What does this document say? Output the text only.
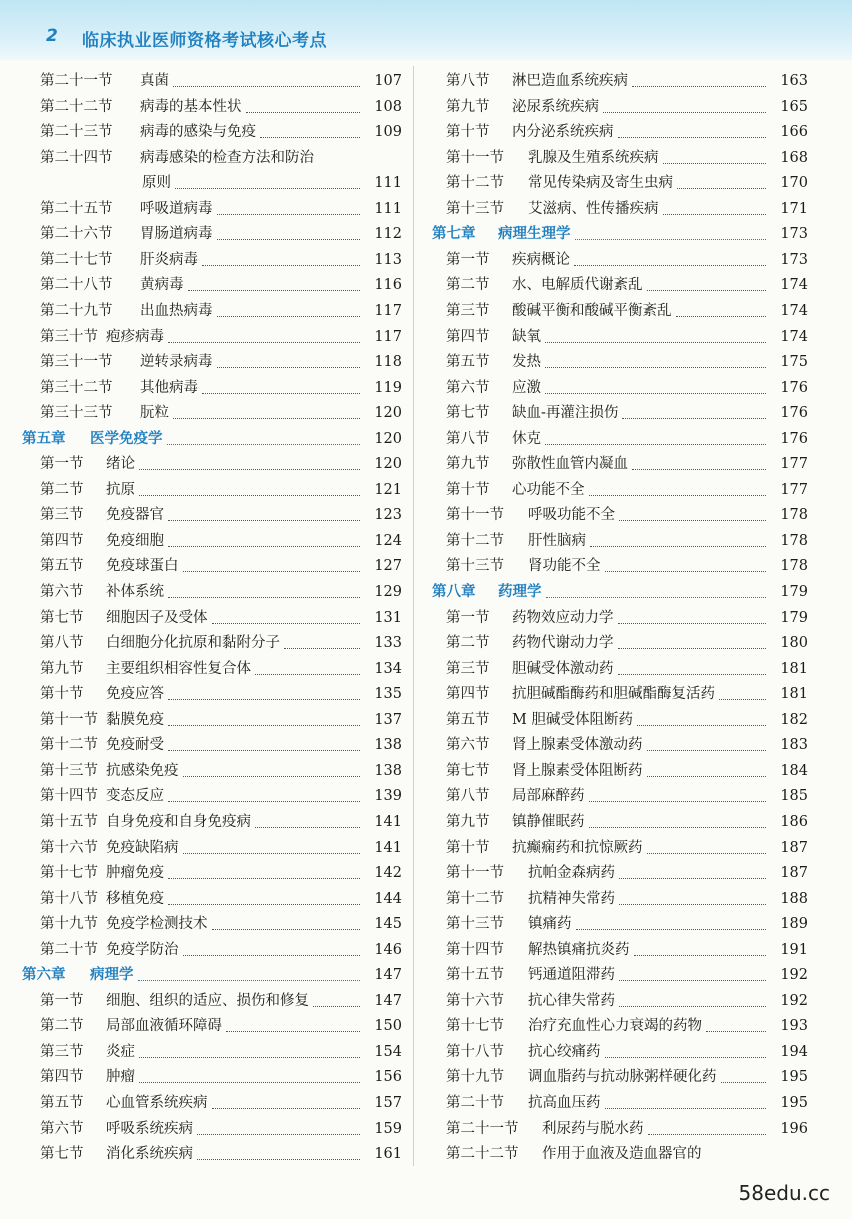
2 临床执业医师资格考试核心考点
第二十一节 真菌	107
第二十二节 病毒的基本性状	108
第二十三节 病毒的感染与免疫	109
第二十四节 病毒感染的检查方法和防治
原则	111
第二十五节 呼吸道病毒	111
第二十六节 胃肠道病毒	112
第二十七节 肝炎病毒	113
第二十八节 黄病毒	116
第二十九节 出血热病毒	117
第三十节 疱疹病毒	117
第三十一节 逆转录病毒	118
第三十二节 其他病毒	119
第三十三节 朊粒	120
第五章 医学免疫学	120
第一节 绪论	120
第二节 抗原	121
第三节 免疫器官	123
第四节 免疫细胞	124
第五节 免疫球蛋白	127
第六节 补体系统	129
第七节 细胞因子及受体	131
第八节 白细胞分化抗原和黏附分子	133
第九节 主要组织相容性复合体	134
第十节 免疫应答	135
第十一节 黏膜免疫	137
第十二节 免疫耐受	138
第十三节 抗感染免疫	138
第十四节 变态反应	139
第十五节 自身免疫和自身免疫病	141
第十六节 免疫缺陷病	141
第十七节 肿瘤免疫	142
第十八节 移植免疫	144
第十九节 免疫学检测技术	145
第二十节 免疫学防治	146
第六章 病理学	147
第一节 细胞、组织的适应、损伤和修复	147
第二节 局部血液循环障碍	150
第三节 炎症	154
第四节 肿瘤	156
第五节 心血管系统疾病	157
第六节 呼吸系统疾病	159
第七节 消化系统疾病	161
第八节 淋巴造血系统疾病	163
第九节 泌尿系统疾病	165
第十节 内分泌系统疾病	166
第十一节 乳腺及生殖系统疾病	168
第十二节 常见传染病及寄生虫病	170
第十三节 艾滋病、性传播疾病	171
第七章 病理生理学	173
第一节 疾病概论	173
第二节 水、电解质代谢紊乱	174
第三节 酸碱平衡和酸碱平衡紊乱	174
第四节 缺氧	174
第五节 发热	175
第六节 应激	176
第七节 缺血-再灌注损伤	176
第八节 休克	176
第九节 弥散性血管内凝血	177
第十节 心功能不全	177
第十一节 呼吸功能不全	178
第十二节 肝性脑病	178
第十三节 肾功能不全	178
第八章 药理学	179
第一节 药物效应动力学	179
第二节 药物代谢动力学	180
第三节 胆碱受体激动药	181
第四节 抗胆碱酯酶药和胆碱酯酶复活药	181
第五节 M 胆碱受体阻断药	182
第六节 肾上腺素受体激动药	183
第七节 肾上腺素受体阻断药	184
第八节 局部麻醉药	185
第九节 镇静催眠药	186
第十节 抗癫痫药和抗惊厥药	187
第十一节 抗帕金森病药	187
第十二节 抗精神失常药	188
第十三节 镇痛药	189
第十四节 解热镇痛抗炎药	191
第十五节 钙通道阻滞药	192
第十六节 抗心律失常药	192
第十七节 治疗充血性心力衰竭的药物	193
第十八节 抗心绞痛药	194
第十九节 调血脂药与抗动脉粥样硬化药	195
第二十节 抗高血压药	195
第二十一节 利尿药与脱水药	196
第二十二节 作用于血液及造血器官的
58edu.cc
